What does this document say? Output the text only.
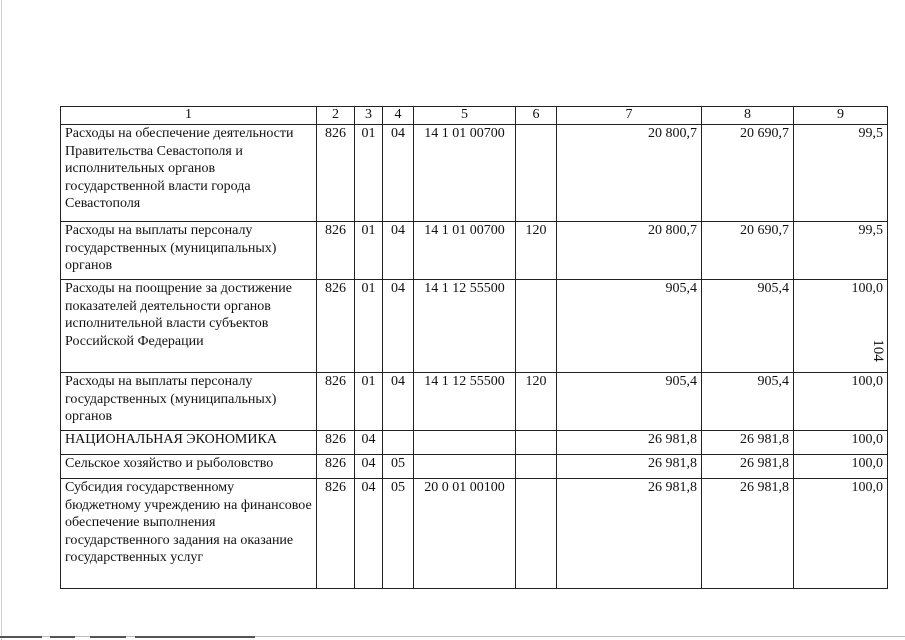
1	2	3	4	5	6	7	8	9
Расходы на обеспечение деятельности Правительства Севастополя и исполнительных органов государственной власти города Севастополя	826	01	04	14 1 01 00700		20 800,7	20 690,7	99,5
Расходы на выплаты персоналу государственных (муниципальных) органов	826	01	04	14 1 01 00700	120	20 800,7	20 690,7	99,5
Расходы на поощрение за достижение показателей деятельности органов исполнительной власти субъектов Российской Федерации	826	01	04	14 1 12 55500		905,4	905,4	100,0
Расходы на выплаты персоналу государственных (муниципальных) органов	826	01	04	14 1 12 55500	120	905,4	905,4	100,0
НАЦИОНАЛЬНАЯ ЭКОНОМИКА	826	04				26 981,8	26 981,8	100,0
Сельское хозяйство и рыболовство	826	04	05			26 981,8	26 981,8	100,0
Субсидия государственному бюджетному учреждению на финансовое обеспечение выполнения государственного задания на оказание государственных услуг	826	04	05	20 0 01 00100		26 981,8	26 981,8	100,0
104
